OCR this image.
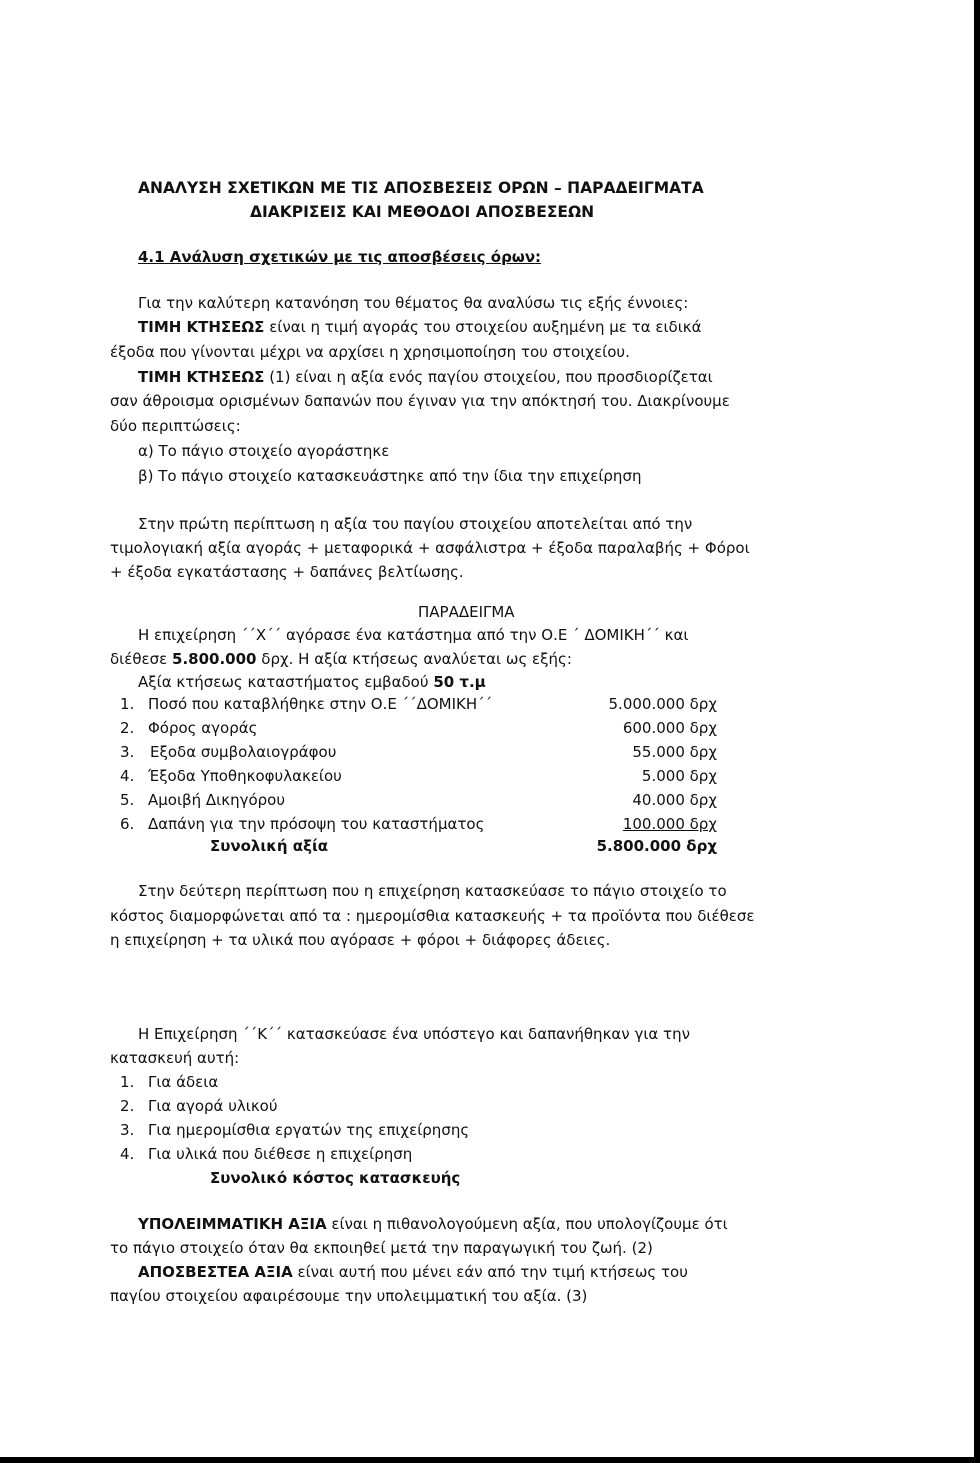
ΑΝΑΛΥΣΗ ΣΧΕΤΙΚΩΝ ΜΕ ΤΙΣ ΑΠΟΣΒΕΣΕΙΣ ΟΡΩΝ – ΠΑΡΑΔΕΙΓΜΑΤΑ
ΔΙΑΚΡΙΣΕΙΣ ΚΑΙ ΜΕΘΟΔΟΙ ΑΠΟΣΒΕΣΕΩΝ
4.1 Ανάλυση σχετικών με τις αποσβέσεις όρων:
Για την καλύτερη κατανόηση του θέματος θα αναλύσω τις εξής έννοιες:
ΤΙΜΗ ΚΤΗΣΕΩΣ είναι η τιμή αγοράς του στοιχείου αυξημένη με τα ειδικά
έξοδα που γίνονται μέχρι να αρχίσει η χρησιμοποίηση του στοιχείου.
ΤΙΜΗ ΚΤΗΣΕΩΣ (1) είναι η αξία ενός παγίου στοιχείου, που προσδιορίζεται
σαν άθροισμα ορισμένων δαπανών που έγιναν για την απόκτησή του. Διακρίνουμε
δύο περιπτώσεις:
α) Το πάγιο στοιχείο αγοράστηκε
β) Το πάγιο στοιχείο κατασκευάστηκε από την ίδια την επιχείρηση
Στην πρώτη περίπτωση η αξία του παγίου στοιχείου αποτελείται από την
τιμολογιακή αξία αγοράς + μεταφορικά + ασφάλιστρα + έξοδα παραλαβής + Φόροι
+ έξοδα εγκατάστασης + δαπάνες βελτίωσης.
ΠΑΡΑΔΕΙΓΜΑ
Η επιχείρηση ΄΄Χ΄΄ αγόρασε ένα κατάστημα από την Ο.Ε ΄ ΔΟΜΙΚΗ΄΄ και
διέθεσε 5.800.000 δρχ. Η αξία κτήσεως αναλύεται ως εξής:
Αξία κτήσεως καταστήματος εμβαδού 50 τ.μ
1. Ποσό που καταβλήθηκε στην Ο.Ε ΄΄ΔΟΜΙΚΗ΄΄	5.000.000 δρχ
2. Φόρος αγοράς	600.000 δρχ
3. Εξοδα συμβολαιογράφου	55.000 δρχ
4. Έξοδα Υποθηκοφυλακείου	5.000 δρχ
5. Αμοιβή Δικηγόρου	40.000 δρχ
6. Δαπάνη για την πρόσοψη του καταστήματος	100.000 δρχ
Συνολική αξία	5.800.000 δρχ
Στην δεύτερη περίπτωση που η επιχείρηση κατασκεύασε το πάγιο στοιχείο το
κόστος διαμορφώνεται από τα : ημερομίσθια κατασκευής + τα προϊόντα που διέθεσε
η επιχείρηση + τα υλικά που αγόρασε + φόροι + διάφορες άδειες.
Η Επιχείρηση ΄΄Κ΄΄ κατασκεύασε ένα υπόστεγο και δαπανήθηκαν για την
κατασκευή αυτή:
1. Για άδεια
2. Για αγορά υλικού
3. Για ημερομίσθια εργατών της επιχείρησης
4. Για υλικά που διέθεσε η επιχείρηση
Συνολικό κόστος κατασκευής
ΥΠΟΛΕΙΜΜΑΤΙΚΗ ΑΞΙΑ είναι η πιθανολογούμενη αξία, που υπολογίζουμε ότι
το πάγιο στοιχείο όταν θα εκποιηθεί μετά την παραγωγική του ζωή. (2)
ΑΠΟΣΒΕΣΤΕΑ ΑΞΙΑ είναι αυτή που μένει εάν από την τιμή κτήσεως του
παγίου στοιχείου αφαιρέσουμε την υπολειμματική του αξία. (3)
